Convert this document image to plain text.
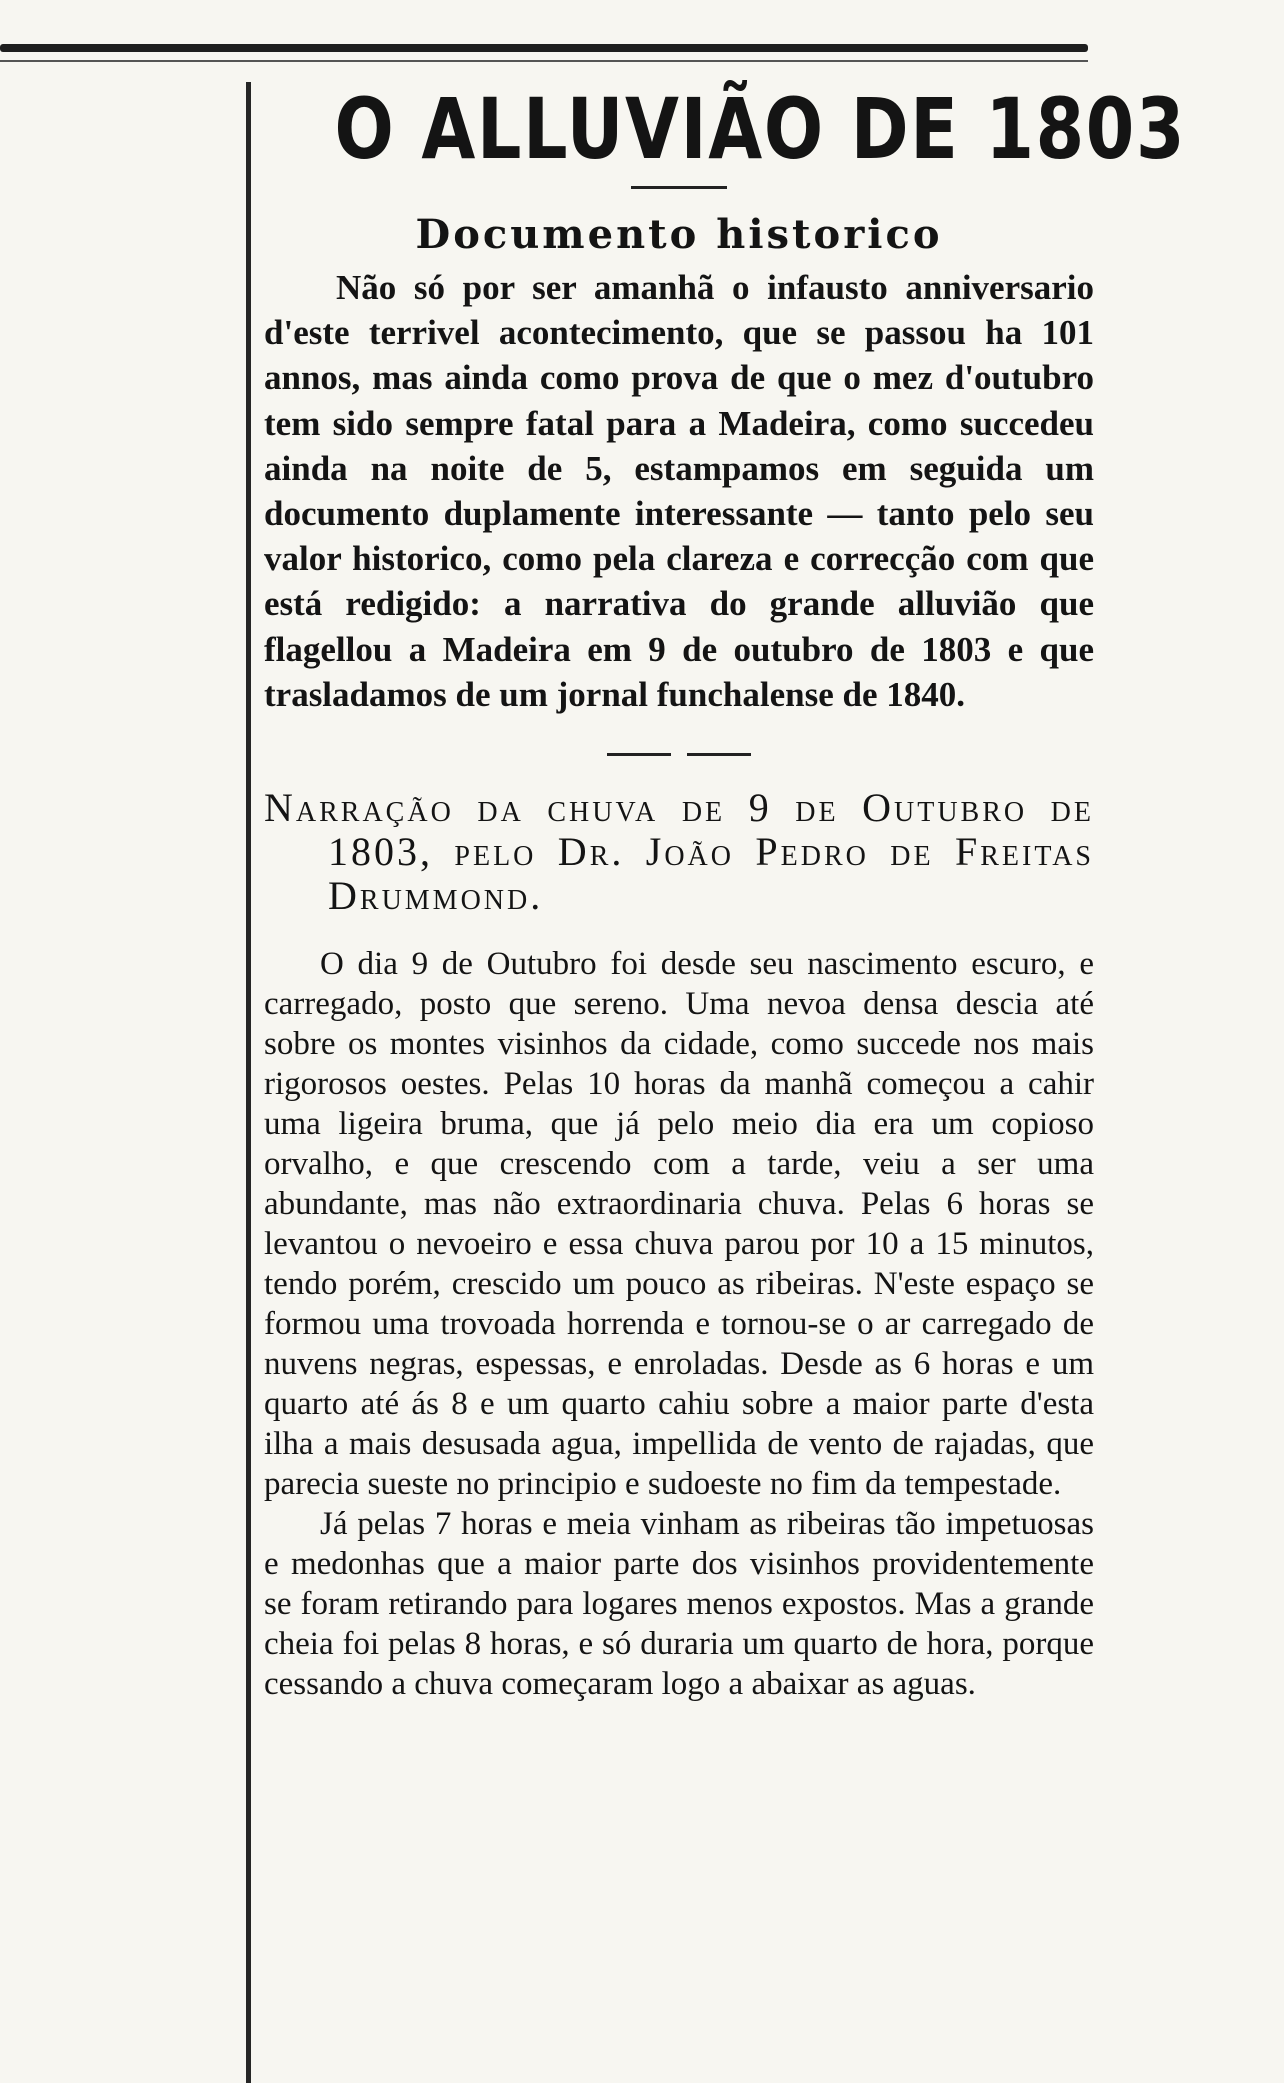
O ALLUVIÃO DE 1803
Documento historico

Não só por ser amanhã o infausto anniversario d'este terrivel acontecimento, que se passou ha 101 annos, mas ainda como prova de que o mez d'outubro tem sido sempre fatal para a Madeira, como succedeu ainda na noite de 5, estampamos em seguida um documento duplamente interessante — tanto pelo seu valor historico, como pela clareza e correcção com que está redigido: a narrativa do grande alluvião que flagellou a Madeira em 9 de outubro de 1803 e que trasladamos de um jornal funchalense de 1840.

Narração da chuva de 9 de Outubro de 1803, pelo Dr. João Pedro de Freitas Drummond.

O dia 9 de Outubro foi desde seu nascimento escuro, e carregado, posto que sereno. Uma nevoa densa descia até sobre os montes visinhos da cidade, como succede nos mais rigorosos oestes. Pelas 10 horas da manhã começou a cahir uma ligeira bruma, que já pelo meio dia era um copioso orvalho, e que crescendo com a tarde, veiu a ser uma abundante, mas não extraordinaria chuva. Pelas 6 horas se levantou o nevoeiro e essa chuva parou por 10 a 15 minutos, tendo porém, crescido um pouco as ribeiras. N'este espaço se formou uma trovoada horrenda e tornou-se o ar carregado de nuvens negras, espessas, e enroladas. Desde as 6 horas e um quarto até ás 8 e um quarto cahiu sobre a maior parte d'esta ilha a mais desusada agua, impellida de vento de rajadas, que parecia sueste no principio e sudoeste no fim da tempestade.

Já pelas 7 horas e meia vinham as ribeiras tão impetuosas e medonhas que a maior parte dos visinhos providentemente se foram retirando para logares menos expostos. Mas a grande cheia foi pelas 8 horas, e só duraria um quarto de hora, porque cessando a chuva começaram logo a abaixar as aguas.
